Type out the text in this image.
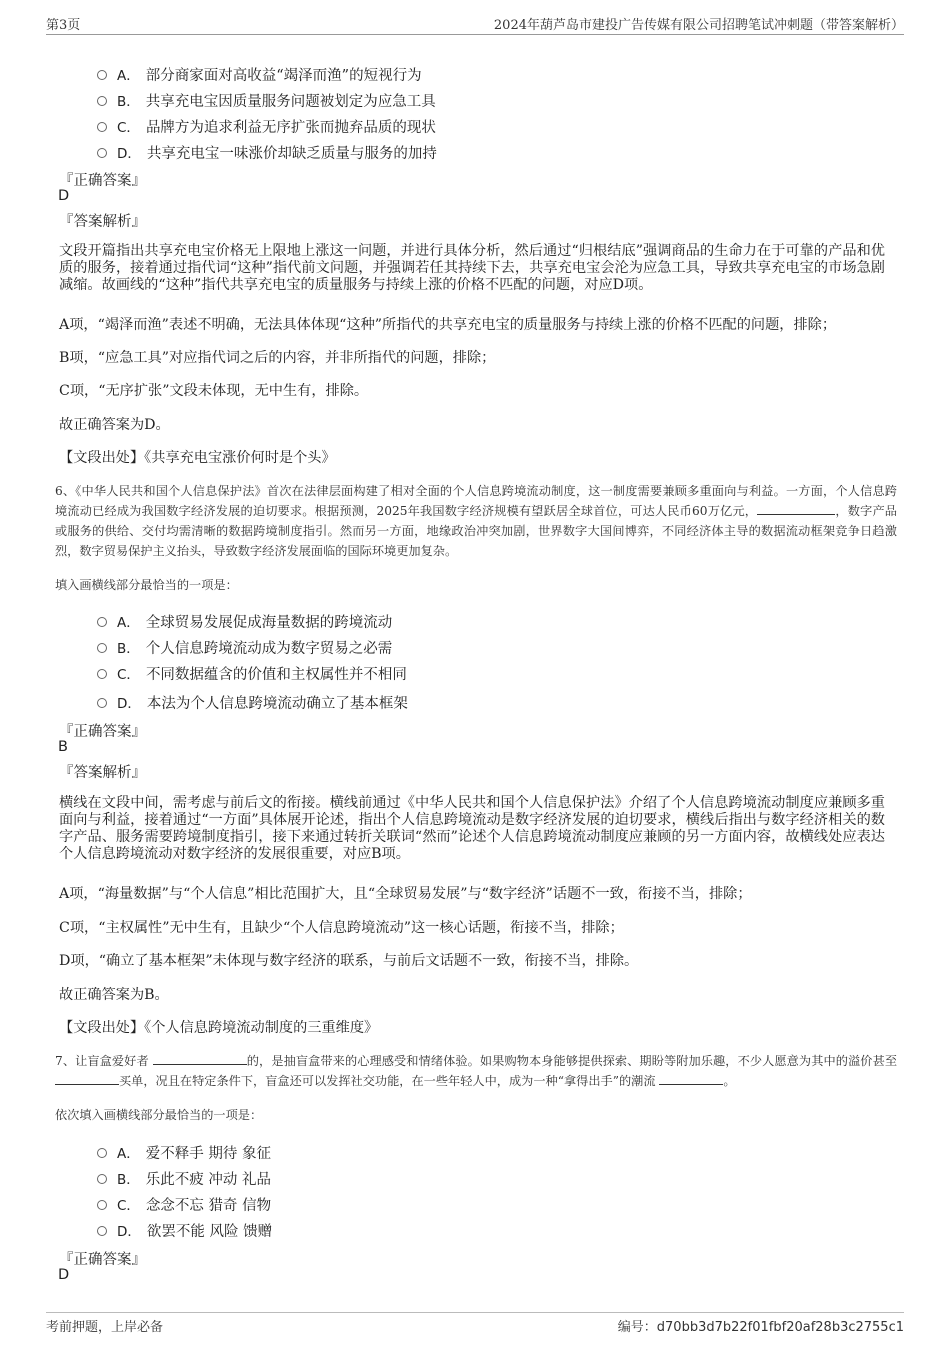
第3页	2024年葫芦岛市建投广告传媒有限公司招聘笔试冲刺题（带答案解析）
A． 部分商家面对高收益“竭泽而渔”的短视行为
B． 共享充电宝因质量服务问题被划定为应急工具
C． 品牌方为追求利益无序扩张而抛弃品质的现状
D． 共享充电宝一味涨价却缺乏质量与服务的加持
『正确答案』
D
『答案解析』
文段开篇指出共享充电宝价格无上限地上涨这一问题，并进行具体分析，然后通过“归根结底”强调商品的生命力在于可靠的产品和优质的服务，接着通过指代词“这种”指代前文问题，并强调若任其持续下去，共享充电宝会沦为应急工具，导致共享充电宝的市场急剧减缩。故画线的“这种”指代共享充电宝的质量服务与持续上涨的价格不匹配的问题，对应D项。
A项，“竭泽而渔”表述不明确，无法具体体现“这种”所指代的共享充电宝的质量服务与持续上涨的价格不匹配的问题，排除；
B项，“应急工具”对应指代词之后的内容，并非所指代的问题，排除；
C项，“无序扩张”文段未体现，无中生有，排除。
故正确答案为D。
【文段出处】《共享充电宝涨价何时是个头》
6、《中华人民共和国个人信息保护法》首次在法律层面构建了相对全面的个人信息跨境流动制度，这一制度需要兼顾多重面向与利益。一方面，个人信息跨境流动已经成为我国数字经济发展的迫切要求。根据预测，2025年我国数字经济规模有望跃居全球首位，可达人民币60万亿元，	，数字产品或服务的供给、交付均需清晰的数据跨境制度指引。然而另一方面，地缘政治冲突加剧，世界数字大国间博弈，不同经济体主导的数据流动框架竞争日趋激烈，数字贸易保护主义抬头，导致数字经济发展面临的国际环境更加复杂。
填入画横线部分最恰当的一项是：
A． 全球贸易发展促成海量数据的跨境流动
B． 个人信息跨境流动成为数字贸易之必需
C． 不同数据蕴含的价值和主权属性并不相同
D． 本法为个人信息跨境流动确立了基本框架
『正确答案』
B
『答案解析』
横线在文段中间，需考虑与前后文的衔接。横线前通过《中华人民共和国个人信息保护法》介绍了个人信息跨境流动制度应兼顾多重面向与利益，接着通过“一方面”具体展开论述，指出个人信息跨境流动是数字经济发展的迫切要求，横线后指出与数字经济相关的数字产品、服务需要跨境制度指引，接下来通过转折关联词“然而”论述个人信息跨境流动制度应兼顾的另一方面内容，故横线处应表达个人信息跨境流动对数字经济的发展很重要，对应B项。
A项，“海量数据”与“个人信息”相比范围扩大，且“全球贸易发展”与“数字经济”话题不一致，衔接不当，排除；
C项，“主权属性”无中生有，且缺少“个人信息跨境流动”这一核心话题，衔接不当，排除；
D项，“确立了基本框架”未体现与数字经济的联系，与前后文话题不一致，衔接不当，排除。
故正确答案为B。
【文段出处】《个人信息跨境流动制度的三重维度》
7、让盲盒爱好者	的，是抽盲盒带来的心理感受和情绪体验。如果购物本身能够提供探索、期盼等附加乐趣，不少人愿意为其中的溢价甚至 买单，况且在特定条件下，盲盒还可以发挥社交功能，在一些年轻人中，成为一种“拿得出手”的潮流	。
依次填入画横线部分最恰当的一项是：
A． 爱不释手 期待 象征
B． 乐此不疲 冲动 礼品
C． 念念不忘 猎奇 信物
D． 欲罢不能 风险 馈赠
『正确答案』
D
考前押题，上岸必备	编号：d70bb3d7b22f01fbf20af28b3c2755c1
